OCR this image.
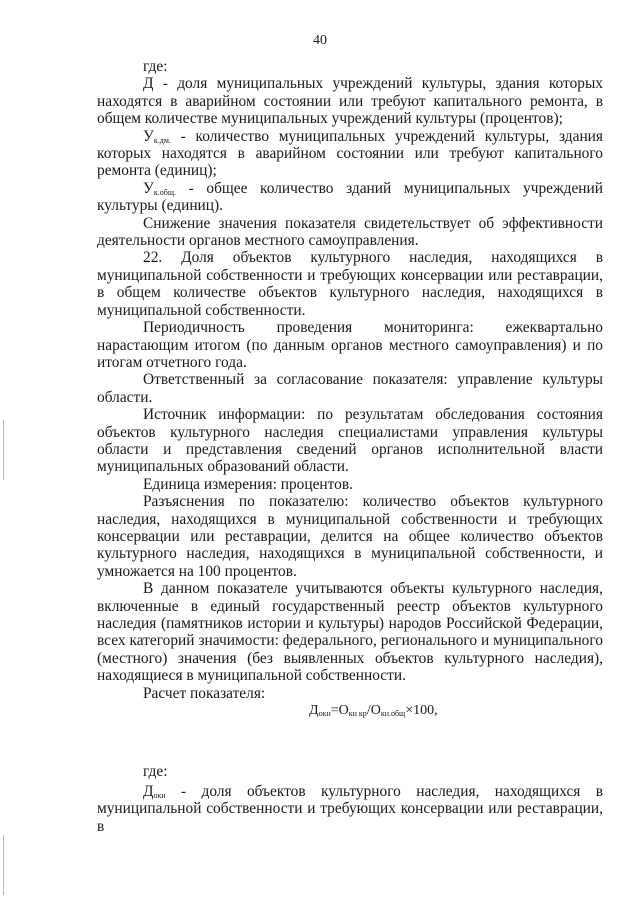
40

где:

Д - доля муниципальных учреждений культуры, здания которых находятся в аварийном состоянии или требуют капитального ремонта, в общем количестве муниципальных учреждений культуры (процентов);

$У_{к.дм.}$ - количество муниципальных учреждений культуры, здания которых находятся в аварийном состоянии или требуют капитального ремонта (единиц);

$У_{к.общ.}$ - общее количество зданий муниципальных учреждений культуры (единиц).

Снижение значения показателя свидетельствует об эффективности деятельности органов местного самоуправления.

22. Доля объектов культурного наследия, находящихся в муниципальной собственности и требующих консервации или реставрации, в общем количестве объектов культурного наследия, находящихся в муниципальной собственности.

Периодичность проведения мониторинга: ежеквартально нарастающим итогом (по данным органов местного самоуправления) и по итогам отчетного года.

Ответственный за согласование показателя: управление культуры области.

Источник информации: по результатам обследования состояния объектов культурного наследия специалистами управления культуры области и представления сведений органов исполнительной власти муниципальных образований области.

Единица измерения: процентов.

Разъяснения по показателю: количество объектов культурного наследия, находящихся в муниципальной собственности и требующих консервации или реставрации, делится на общее количество объектов культурного наследия, находящихся в муниципальной собственности, и умножается на 100 процентов.

В данном показателе учитываются объекты культурного наследия, включенные в единый государственный реестр объектов культурного наследия (памятников истории и культуры) народов Российской Федерации, всех категорий значимости: федерального, регионального и муниципального (местного) значения (без выявленных объектов культурного наследия), находящиеся в муниципальной собственности.

Расчет показателя:

$Д_{окн}=О_{кн кр}/О_{кн.общ}\times 100$,

где:

$Д_{окн}$ - доля объектов культурного наследия, находящихся в муниципальной собственности и требующих консервации или реставрации, в
